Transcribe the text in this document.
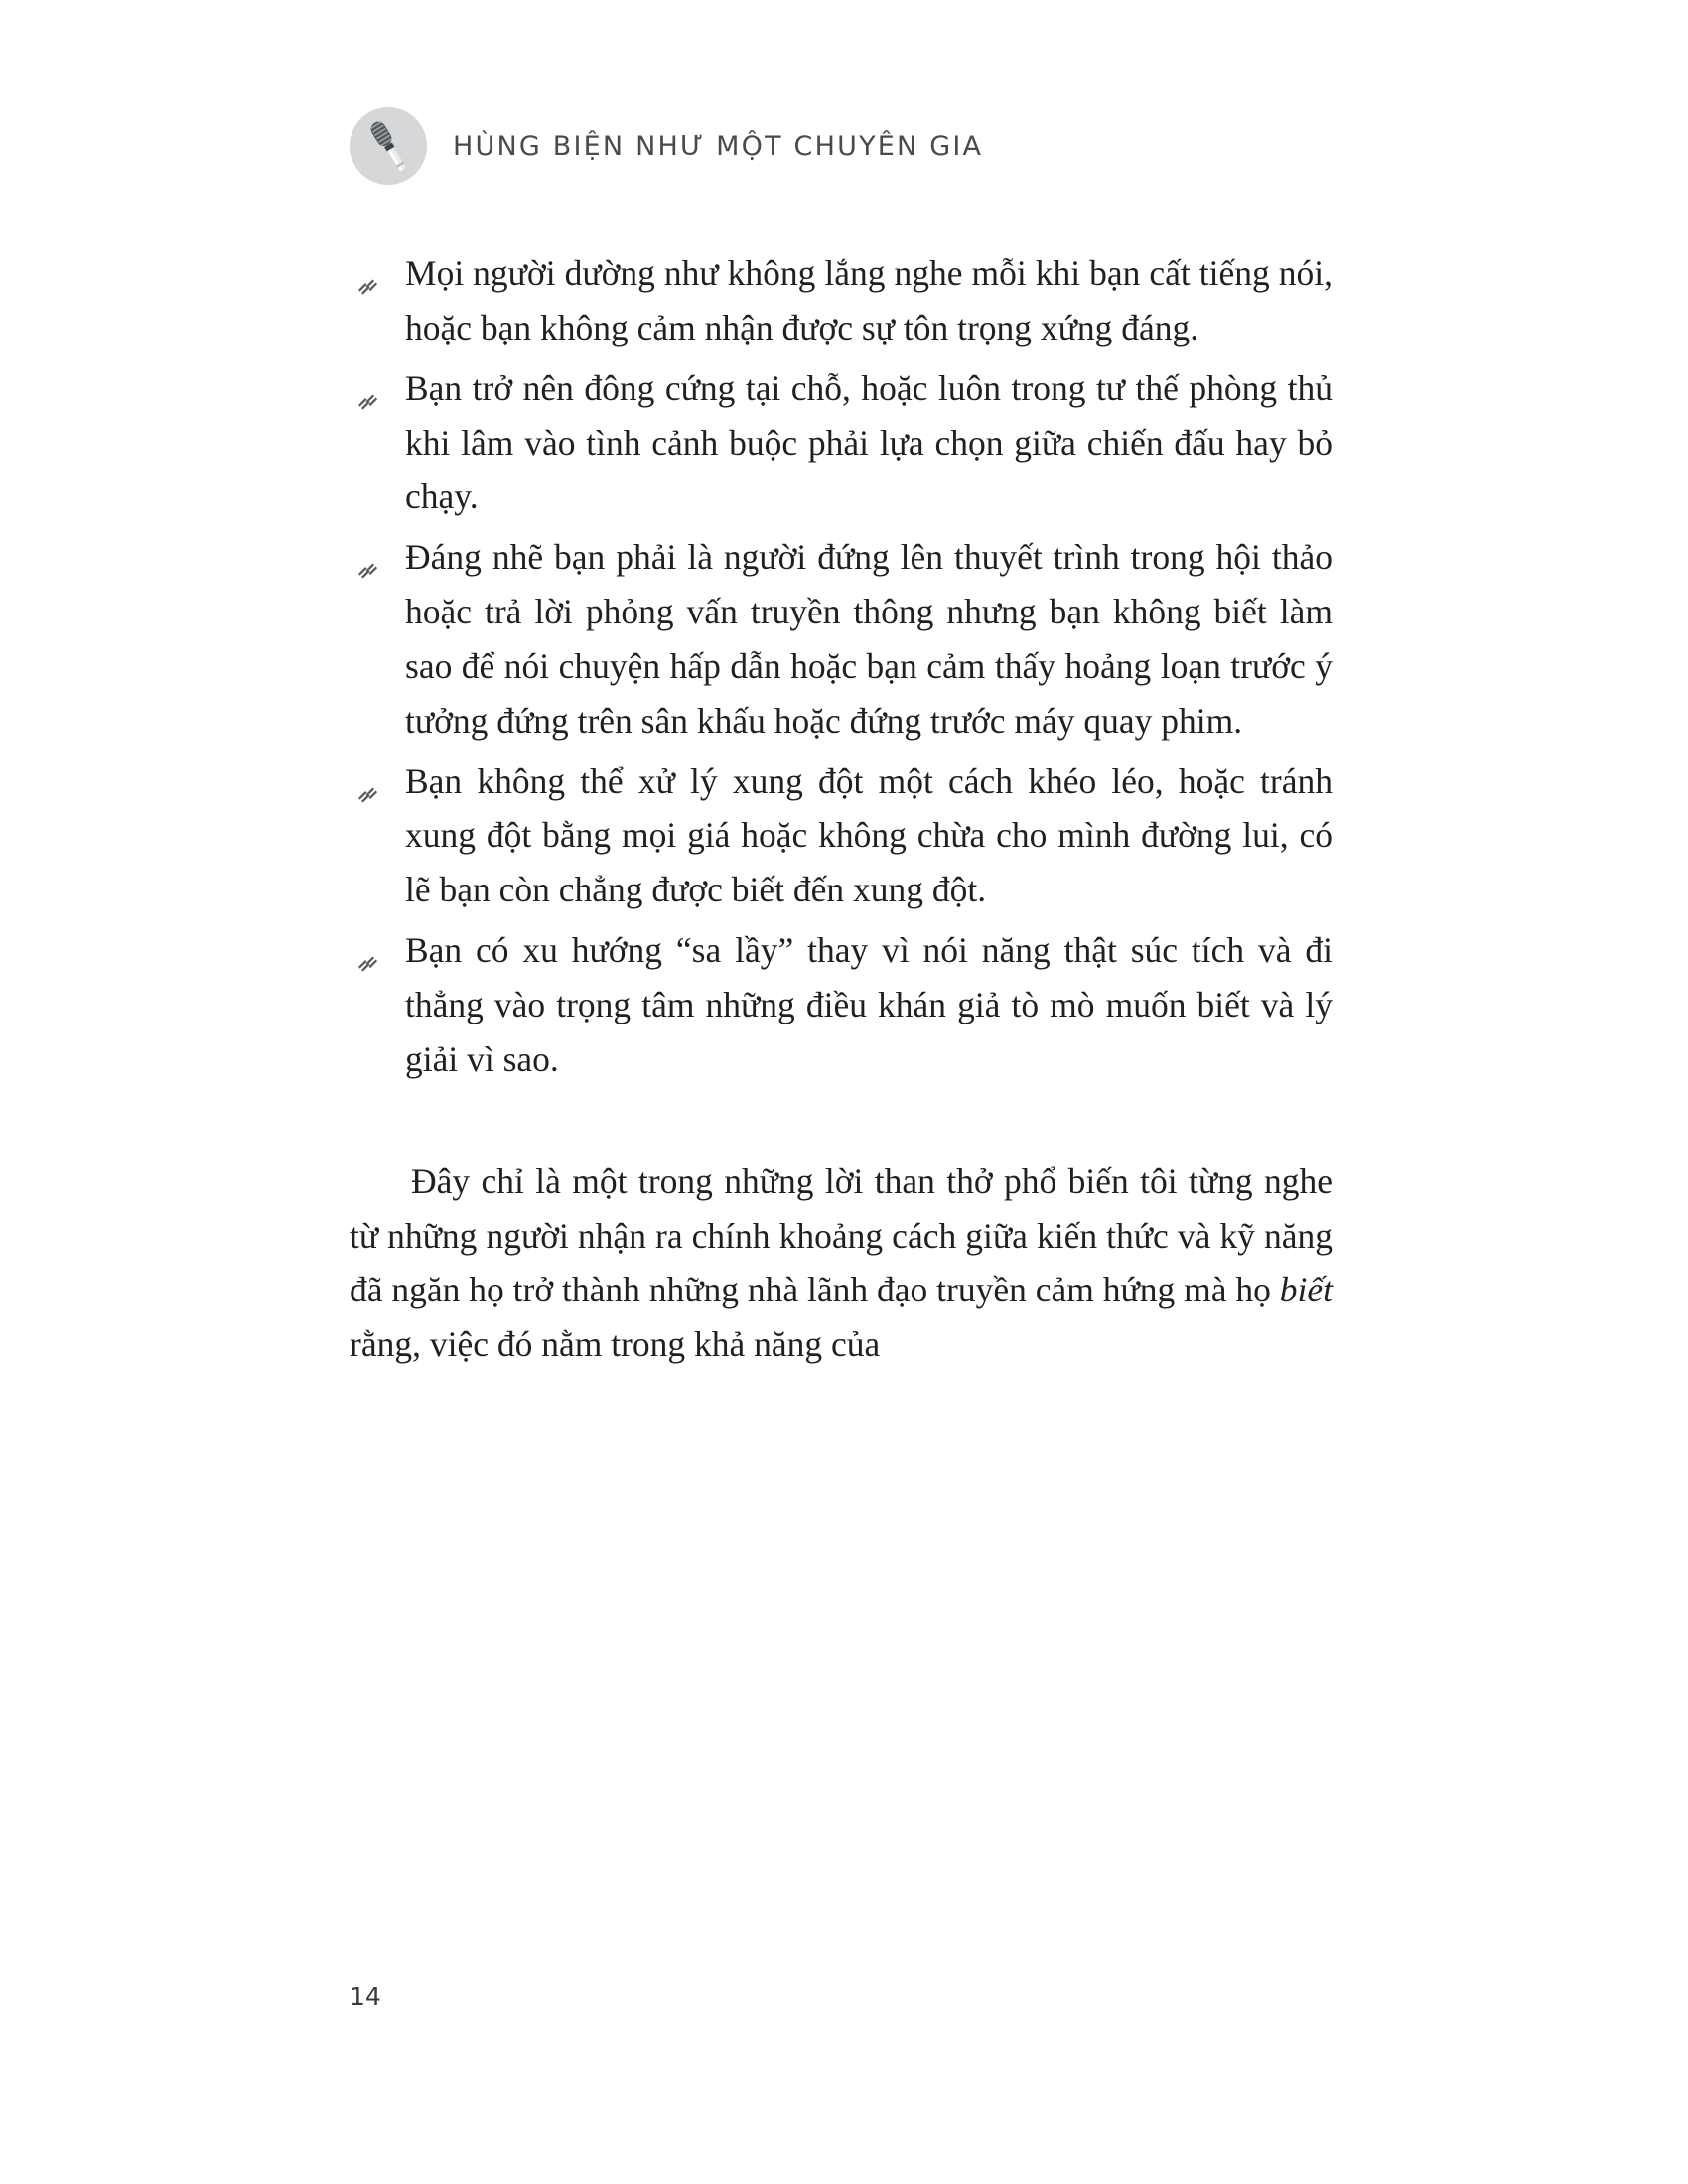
HÙNG BIỆN NHƯ MỘT CHUYÊN GIA
Mọi người dường như không lắng nghe mỗi khi bạn cất tiếng nói, hoặc bạn không cảm nhận được sự tôn trọng xứng đáng.
Bạn trở nên đông cứng tại chỗ, hoặc luôn trong tư thế phòng thủ khi lâm vào tình cảnh buộc phải lựa chọn giữa chiến đấu hay bỏ chạy.
Đáng nhẽ bạn phải là người đứng lên thuyết trình trong hội thảo hoặc trả lời phỏng vấn truyền thông nhưng bạn không biết làm sao để nói chuyện hấp dẫn hoặc bạn cảm thấy hoảng loạn trước ý tưởng đứng trên sân khấu hoặc đứng trước máy quay phim.
Bạn không thể xử lý xung đột một cách khéo léo, hoặc tránh xung đột bằng mọi giá hoặc không chừa cho mình đường lui, có lẽ bạn còn chẳng được biết đến xung đột.
Bạn có xu hướng “sa lầy” thay vì nói năng thật súc tích và đi thẳng vào trọng tâm những điều khán giả tò mò muốn biết và lý giải vì sao.

Đây chỉ là một trong những lời than thở phổ biến tôi từng nghe từ những người nhận ra chính khoảng cách giữa kiến thức và kỹ năng đã ngăn họ trở thành những nhà lãnh đạo truyền cảm hứng mà họ biết rằng, việc đó nằm trong khả năng của

14
